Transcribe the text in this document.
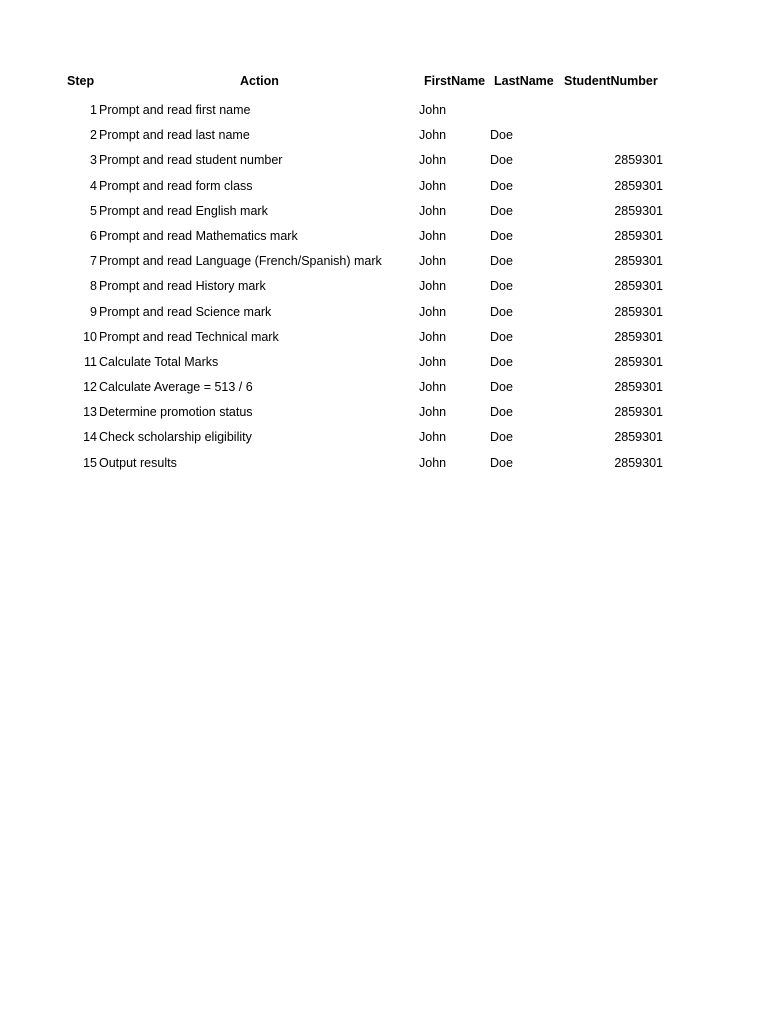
Step	Action	FirstName LastName StudentNumber
1 Prompt and read first name	John
2 Prompt and read last name	John	Doe
3 Prompt and read student number	John	Doe	2859301
4 Prompt and read form class	John	Doe	2859301
5 Prompt and read English mark	John	Doe	2859301
6 Prompt and read Mathematics mark	John	Doe	2859301
7 Prompt and read Language (French/Spanish) mark	John	Doe	2859301
8 Prompt and read History mark	John	Doe	2859301
9 Prompt and read Science mark	John	Doe	2859301
10 Prompt and read Technical mark	John	Doe	2859301
11 Calculate Total Marks	John	Doe	2859301
12 Calculate Average = 513 / 6	John	Doe	2859301
13 Determine promotion status	John	Doe	2859301
14 Check scholarship eligibility	John	Doe	2859301
15 Output results	John	Doe	2859301
